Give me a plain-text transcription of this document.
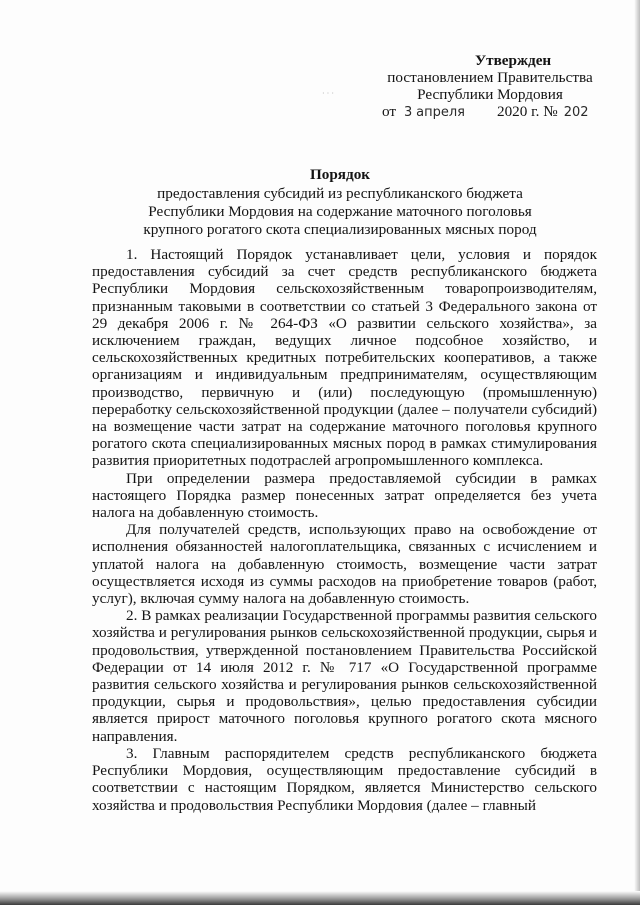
· · ·
Утвержден
постановлением Правительства
Республики Мордовия
от 3 апреля 2020 г. № 202
Порядок
предоставления субсидий из республиканского бюджета
Республики Мордовия на содержание маточного поголовья
крупного рогатого скота специализированных мясных пород

1. Настоящий Порядок устанавливает цели, условия и порядок предоставления субсидий за счет средств республиканского бюджета Республики Мордовия сельскохозяйственным товаропроизводителям, признанным таковыми в соответствии со статьей 3 Федерального закона от 29 декабря 2006 г. № 264-ФЗ «О развитии сельского хозяйства», за исключением граждан, ведущих личное подсобное хозяйство, и сельскохозяйственных кредитных потребительских кооперативов, а также организациям и индивидуальным предпринимателям, осуществляющим производство, первичную и (или) последующую (промышленную) переработку сельскохозяйственной продукции (далее – получатели субсидий) на возмещение части затрат на содержание маточного поголовья крупного рогатого скота специализированных мясных пород в рамках стимулирования развития приоритетных подотраслей агропромышленного комплекса.

При определении размера предоставляемой субсидии в рамках настоящего Порядка размер понесенных затрат определяется без учета налога на добавленную стоимость.

Для получателей средств, использующих право на освобождение от исполнения обязанностей налогоплательщика, связанных с исчислением и уплатой налога на добавленную стоимость, возмещение части затрат осуществляется исходя из суммы расходов на приобретение товаров (работ, услуг), включая сумму налога на добавленную стоимость.

2. В рамках реализации Государственной программы развития сельского хозяйства и регулирования рынков сельскохозяйственной продукции, сырья и продовольствия, утвержденной постановлением Правительства Российской Федерации от 14 июля 2012 г. № 717 «О Государственной программе развития сельского хозяйства и регулирования рынков сельскохозяйственной продукции, сырья и продовольствия», целью предоставления субсидии является прирост маточного поголовья крупного рогатого скота мясного направления.

3. Главным распорядителем средств республиканского бюджета Республики Мордовия, осуществляющим предоставление субсидий в соответствии с настоящим Порядком, является Министерство сельского хозяйства и продовольствия Республики Мордовия (далее – главный
